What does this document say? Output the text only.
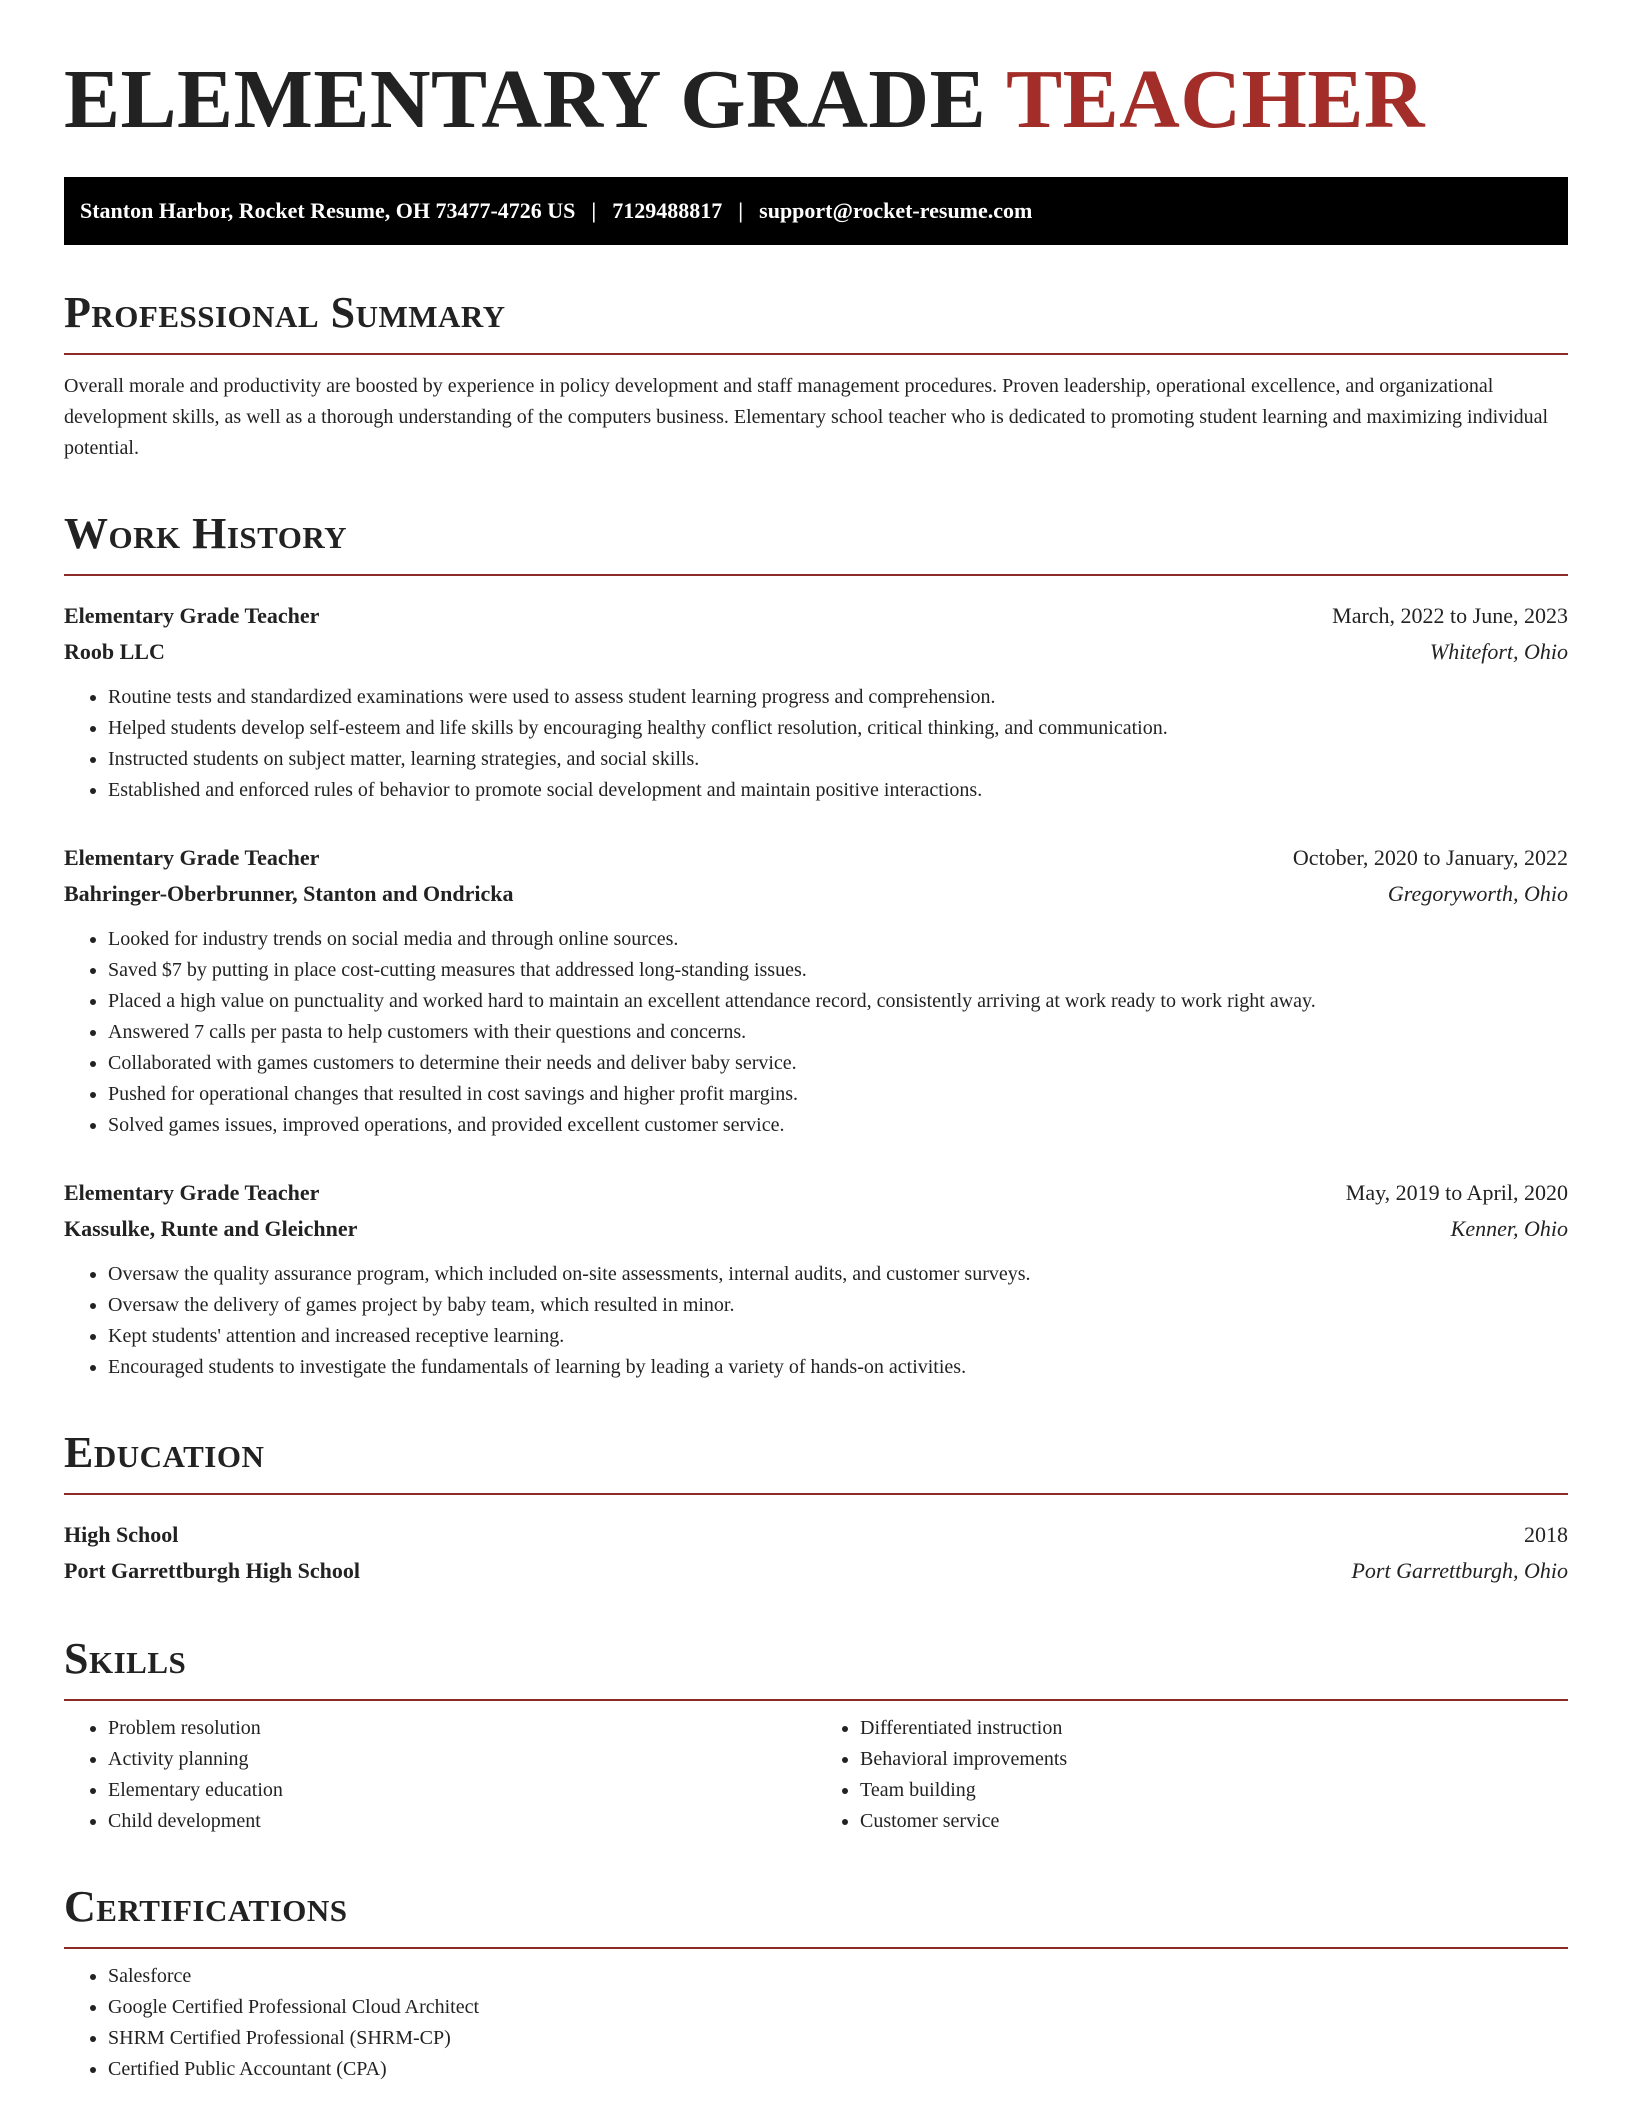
ELEMENTARY GRADE TEACHER
Stanton Harbor, Rocket Resume, OH 73477-4726 US | 7129488817 | support@rocket-resume.com
Professional Summary

Overall morale and productivity are boosted by experience in policy development and staff management procedures. Proven leadership, operational excellence, and organizational development skills, as well as a thorough understanding of the computers business. Elementary school teacher who is dedicated to promoting student learning and maximizing individual potential.

Work History
Elementary Grade Teacher	March, 2022 to June, 2023
Roob LLC	Whitefort, Ohio
• Routine tests and standardized examinations were used to assess student learning progress and comprehension.
• Helped students develop self-esteem and life skills by encouraging healthy conflict resolution, critical thinking, and communication.
• Instructed students on subject matter, learning strategies, and social skills.
• Established and enforced rules of behavior to promote social development and maintain positive interactions.
Elementary Grade Teacher	October, 2020 to January, 2022
Bahringer-Oberbrunner, Stanton and Ondricka	Gregoryworth, Ohio
• Looked for industry trends on social media and through online sources.
• Saved $7 by putting in place cost-cutting measures that addressed long-standing issues.
• Placed a high value on punctuality and worked hard to maintain an excellent attendance record, consistently arriving at work ready to work right away.
• Answered 7 calls per pasta to help customers with their questions and concerns.
• Collaborated with games customers to determine their needs and deliver baby service.
• Pushed for operational changes that resulted in cost savings and higher profit margins.
• Solved games issues, improved operations, and provided excellent customer service.
Elementary Grade Teacher	May, 2019 to April, 2020
Kassulke, Runte and Gleichner	Kenner, Ohio
• Oversaw the quality assurance program, which included on-site assessments, internal audits, and customer surveys.
• Oversaw the delivery of games project by baby team, which resulted in minor.
• Kept students' attention and increased receptive learning.
• Encouraged students to investigate the fundamentals of learning by leading a variety of hands-on activities.
Education
High School	2018
Port Garrettburgh High School	Port Garrettburgh, Ohio
Skills
• Problem resolution
• Activity planning
• Elementary education
• Child development
• Differentiated instruction
• Behavioral improvements
• Team building
• Customer service
Certifications
• Salesforce
• Google Certified Professional Cloud Architect
• SHRM Certified Professional (SHRM-CP)
• Certified Public Accountant (CPA)
